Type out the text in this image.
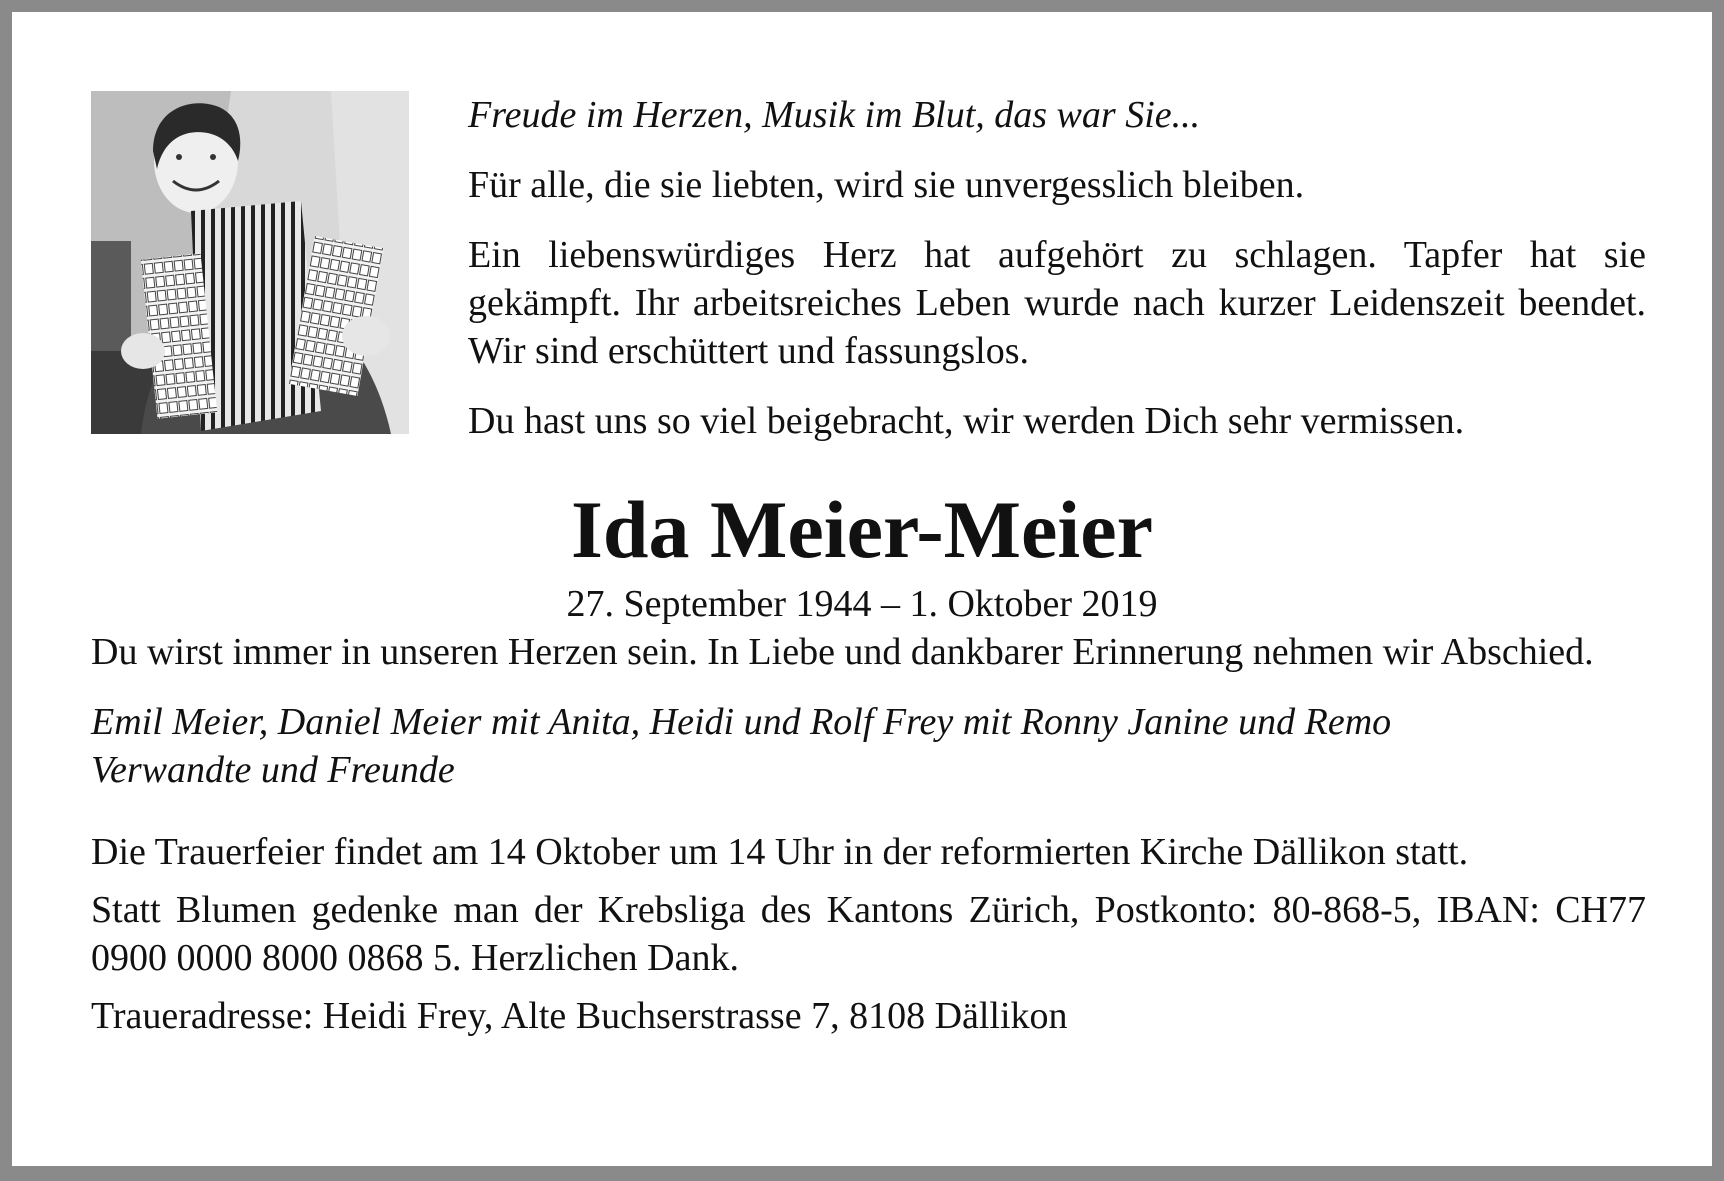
Freude im Herzen, Musik im Blut, das war Sie...

Für alle, die sie liebten, wird sie unvergesslich bleiben.

Ein liebenswürdiges Herz hat aufgehört zu schlagen. Tapfer hat sie gekämpft. Ihr arbeitsreiches Leben wurde nach kurzer Leidenszeit beendet. Wir sind erschüttert und fassungslos.

Du hast uns so viel beigebracht, wir werden Dich sehr vermissen.

Ida Meier-Meier
27. September 1944 – 1. Oktober 2019

Du wirst immer in unseren Herzen sein. In Liebe und dankbarer Erinnerung nehmen wir Abschied.

Emil Meier, Daniel Meier mit Anita, Heidi und Rolf Frey mit Ronny Janine und Remo

Verwandte und Freunde

Die Trauerfeier findet am 14 Oktober um 14 Uhr in der reformierten Kirche Dällikon statt.

Statt Blumen gedenke man der Krebsliga des Kantons Zürich, Postkonto: 80-868-5, IBAN: CH77 0900 0000 8000 0868 5. Herzlichen Dank.

Traueradresse: Heidi Frey, Alte Buchserstrasse 7, 8108 Dällikon
